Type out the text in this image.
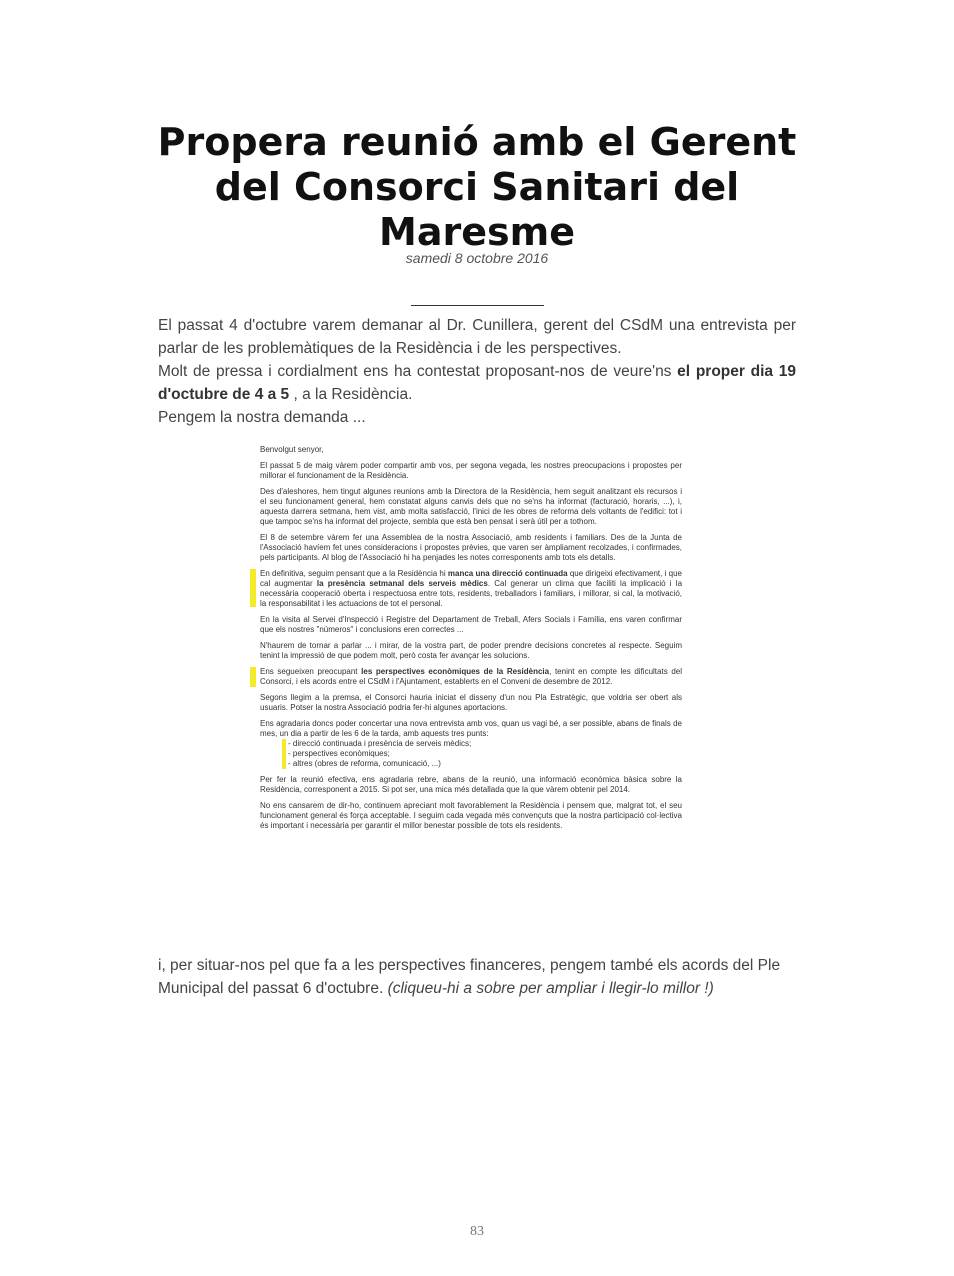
Propera reunió amb el Gerent del Consorci Sanitari del Maresme
samedi 8 octobre 2016

El passat 4 d'octubre varem demanar al Dr. Cunillera, gerent del CSdM una entrevista per parlar de les problemàtiques de la Residència i de les perspectives.

Molt de pressa i cordialment ens ha contestat proposant-nos de veure'ns el proper dia 19 d'octubre de 4 a 5 , a la Residència.

Pengem la nostra demanda ...

Benvolgut senyor,

El passat 5 de maig vàrem poder compartir amb vos, per segona vegada, les nostres preocupacions i propostes per millorar el funcionament de la Residència.

Des d'aleshores, hem tingut algunes reunions amb la Directora de la Residència, hem seguit analitzant els recursos i el seu funcionament general, hem constatat alguns canvis dels que no se'ns ha informat (facturació, horaris, ...), i, aquesta darrera setmana, hem vist, amb molta satisfacció, l'inici de les obres de reforma dels voltants de l'edifici: tot i que tampoc se'ns ha informat del projecte, sembla que està ben pensat i serà útil per a tothom.

El 8 de setembre vàrem fer una Assemblea de la nostra Associació, amb residents i familiars. Des de la Junta de l'Associació havíem fet unes consideracions i propostes prèvies, que varen ser àmpliament recolzades, i confirmades, pels participants. Al blog de l'Associació hi ha penjades les notes corresponents amb tots els detalls.

En definitiva, seguim pensant que a la Residència hi manca una direcció continuada que dirigeixi efectivament, i que cal augmentar la presència setmanal dels serveis mèdics. Cal generar un clima que faciliti la implicació i la necessària cooperació oberta i respectuosa entre tots, residents, treballadors i familiars, i millorar, si cal, la motivació, la responsabilitat i les actuacions de tot el personal.

En la visita al Servei d'Inspecció i Registre del Departament de Treball, Afers Socials i Família, ens varen confirmar que els nostres "números" i conclusions eren correctes ...

N'haurem de tornar a parlar ... i mirar, de la vostra part, de poder prendre decisions concretes al respecte. Seguim tenint la impressió de que podem molt, però costa fer avançar les solucions.

Ens segueixen preocupant les perspectives econòmiques de la Residència, tenint en compte les dificultats del Consorci, i els acords entre el CSdM i l'Ajuntament, establerts en el Conveni de desembre de 2012.

Segons llegim a la premsa, el Consorci hauria iniciat el disseny d'un nou Pla Estratègic, que voldria ser obert als usuaris. Potser la nostra Associació podria fer-hi algunes aportacions.

Ens agradaria doncs poder concertar una nova entrevista amb vos, quan us vagi bé, a ser possible, abans de finals de mes, un dia a partir de les 6 de la tarda, amb aquests tres punts:

- direcció continuada i presència de serveis mèdics;
- perspectives econòmiques;
- altres (obres de reforma, comunicació, ...)

Per fer la reunió efectiva, ens agradaria rebre, abans de la reunió, una informació econòmica bàsica sobre la Residència, corresponent a 2015. Si pot ser, una mica més detallada que la que vàrem obtenir pel 2014.

No ens cansarem de dir-ho, continuem apreciant molt favorablement la Residència i pensem que, malgrat tot, el seu funcionament general és força acceptable. I seguim cada vegada més convençuts que la nostra participació col·lectiva és important i necessària per garantir el millor benestar possible de tots els residents.

i, per situar-nos pel que fa a les perspectives financeres, pengem també els acords del Ple Municipal del passat 6 d'octubre. (cliqueu-hi a sobre per ampliar i llegir-lo millor !)
83
